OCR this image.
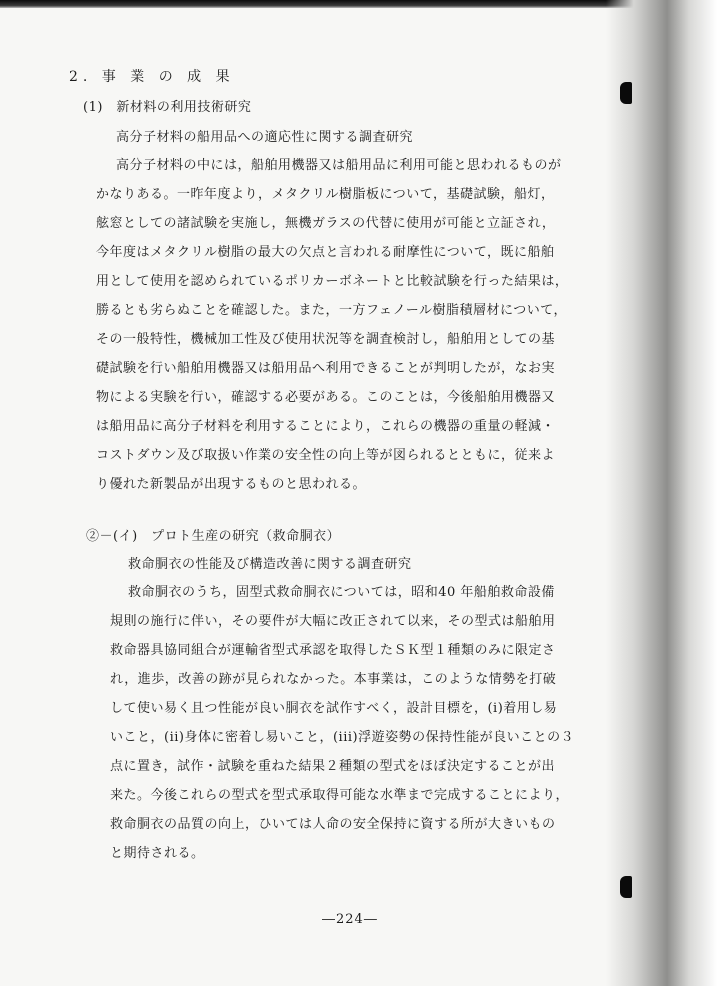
2. 事 業 の 成 果
(1)　新材料の利用技術研究
高分子材料の船用品への適応性に関する調査研究
高分子材料の中には，船舶用機器又は船用品に利用可能と思われるものが
かなりある。一昨年度より，メタクリル樹脂板について，基礎試験，船灯，
舷窓としての諸試験を実施し，無機ガラスの代替に使用が可能と立証され，
今年度はメタクリル樹脂の最大の欠点と言われる耐摩性について，既に船舶
用として使用を認められているポリカーボネートと比較試験を行った結果は，
勝るとも劣らぬことを確認した。また，一方フェノール樹脂積層材について，
その一般特性，機械加工性及び使用状況等を調査検討し，船舶用としての基
礎試験を行い船舶用機器又は船用品へ利用できることが判明したが，なお実
物による実験を行い，確認する必要がある。このことは，今後船舶用機器又
は船用品に高分子材料を利用することにより，これらの機器の重量の軽減・
コストダウン及び取扱い作業の安全性の向上等が図られるとともに，従来よ
り優れた新製品が出現するものと思われる。
②－(イ)　プロト生産の研究（救命胴衣）
救命胴衣の性能及び構造改善に関する調査研究
救命胴衣のうち，固型式救命胴衣については，昭和40 年船舶救命設備
規則の施行に伴い，その要件が大幅に改正されて以来，その型式は船舶用
救命器具協同組合が運輸省型式承認を取得したＳＫ型１種類のみに限定さ
れ，進歩，改善の跡が見られなかった。本事業は，このような情勢を打破
して使い易く且つ性能が良い胴衣を試作すべく，設計目標を，(i)着用し易
いこと，(ii)身体に密着し易いこと，(iii)浮遊姿勢の保持性能が良いことの３
点に置き，試作・試験を重ねた結果２種類の型式をほぼ決定することが出
来た。今後これらの型式を型式承取得可能な水準まで完成することにより，
救命胴衣の品質の向上，ひいては人命の安全保持に資する所が大きいもの
と期待される。
―224―
